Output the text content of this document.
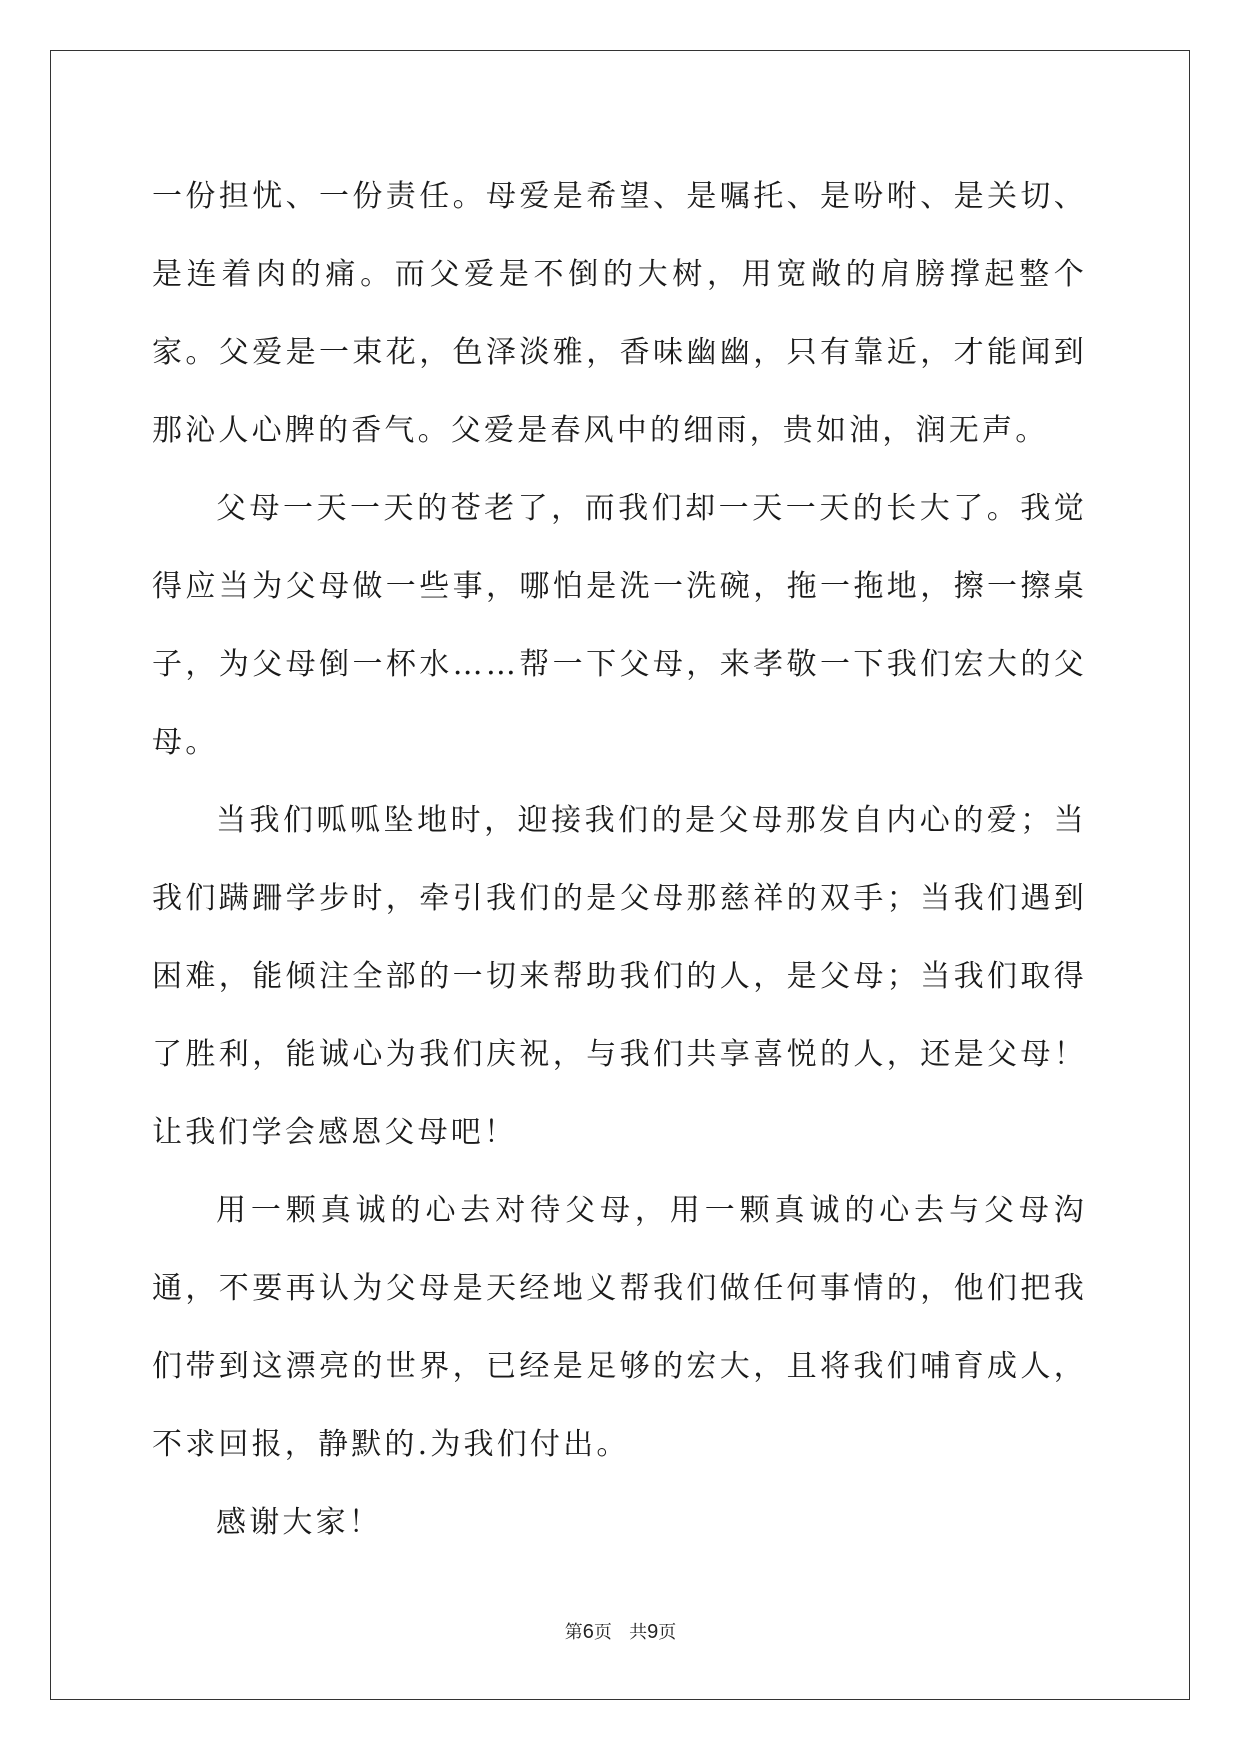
一份担忧、一份责任。母爱是希望、是嘱托、是吩咐、是关切、是连着肉的痛。而父爱是不倒的大树，用宽敞的肩膀撑起整个家。父爱是一束花，色泽淡雅，香味幽幽，只有靠近，才能闻到那沁人心脾的香气。父爱是春风中的细雨，贵如油，润无声。

父母一天一天的苍老了，而我们却一天一天的长大了。我觉得应当为父母做一些事，哪怕是洗一洗碗，拖一拖地，擦一擦桌子，为父母倒一杯水……帮一下父母，来孝敬一下我们宏大的父母。

当我们呱呱坠地时，迎接我们的是父母那发自内心的爱；当我们蹒跚学步时，牵引我们的是父母那慈祥的双手；当我们遇到困难，能倾注全部的一切来帮助我们的人，是父母；当我们取得了胜利，能诚心为我们庆祝，与我们共享喜悦的人，还是父母！让我们学会感恩父母吧！

用一颗真诚的心去对待父母，用一颗真诚的心去与父母沟通，不要再认为父母是天经地义帮我们做任何事情的，他们把我们带到这漂亮的世界，已经是足够的宏大，且将我们哺育成人，不求回报，静默的.为我们付出。

感谢大家！

第6页 共9页
